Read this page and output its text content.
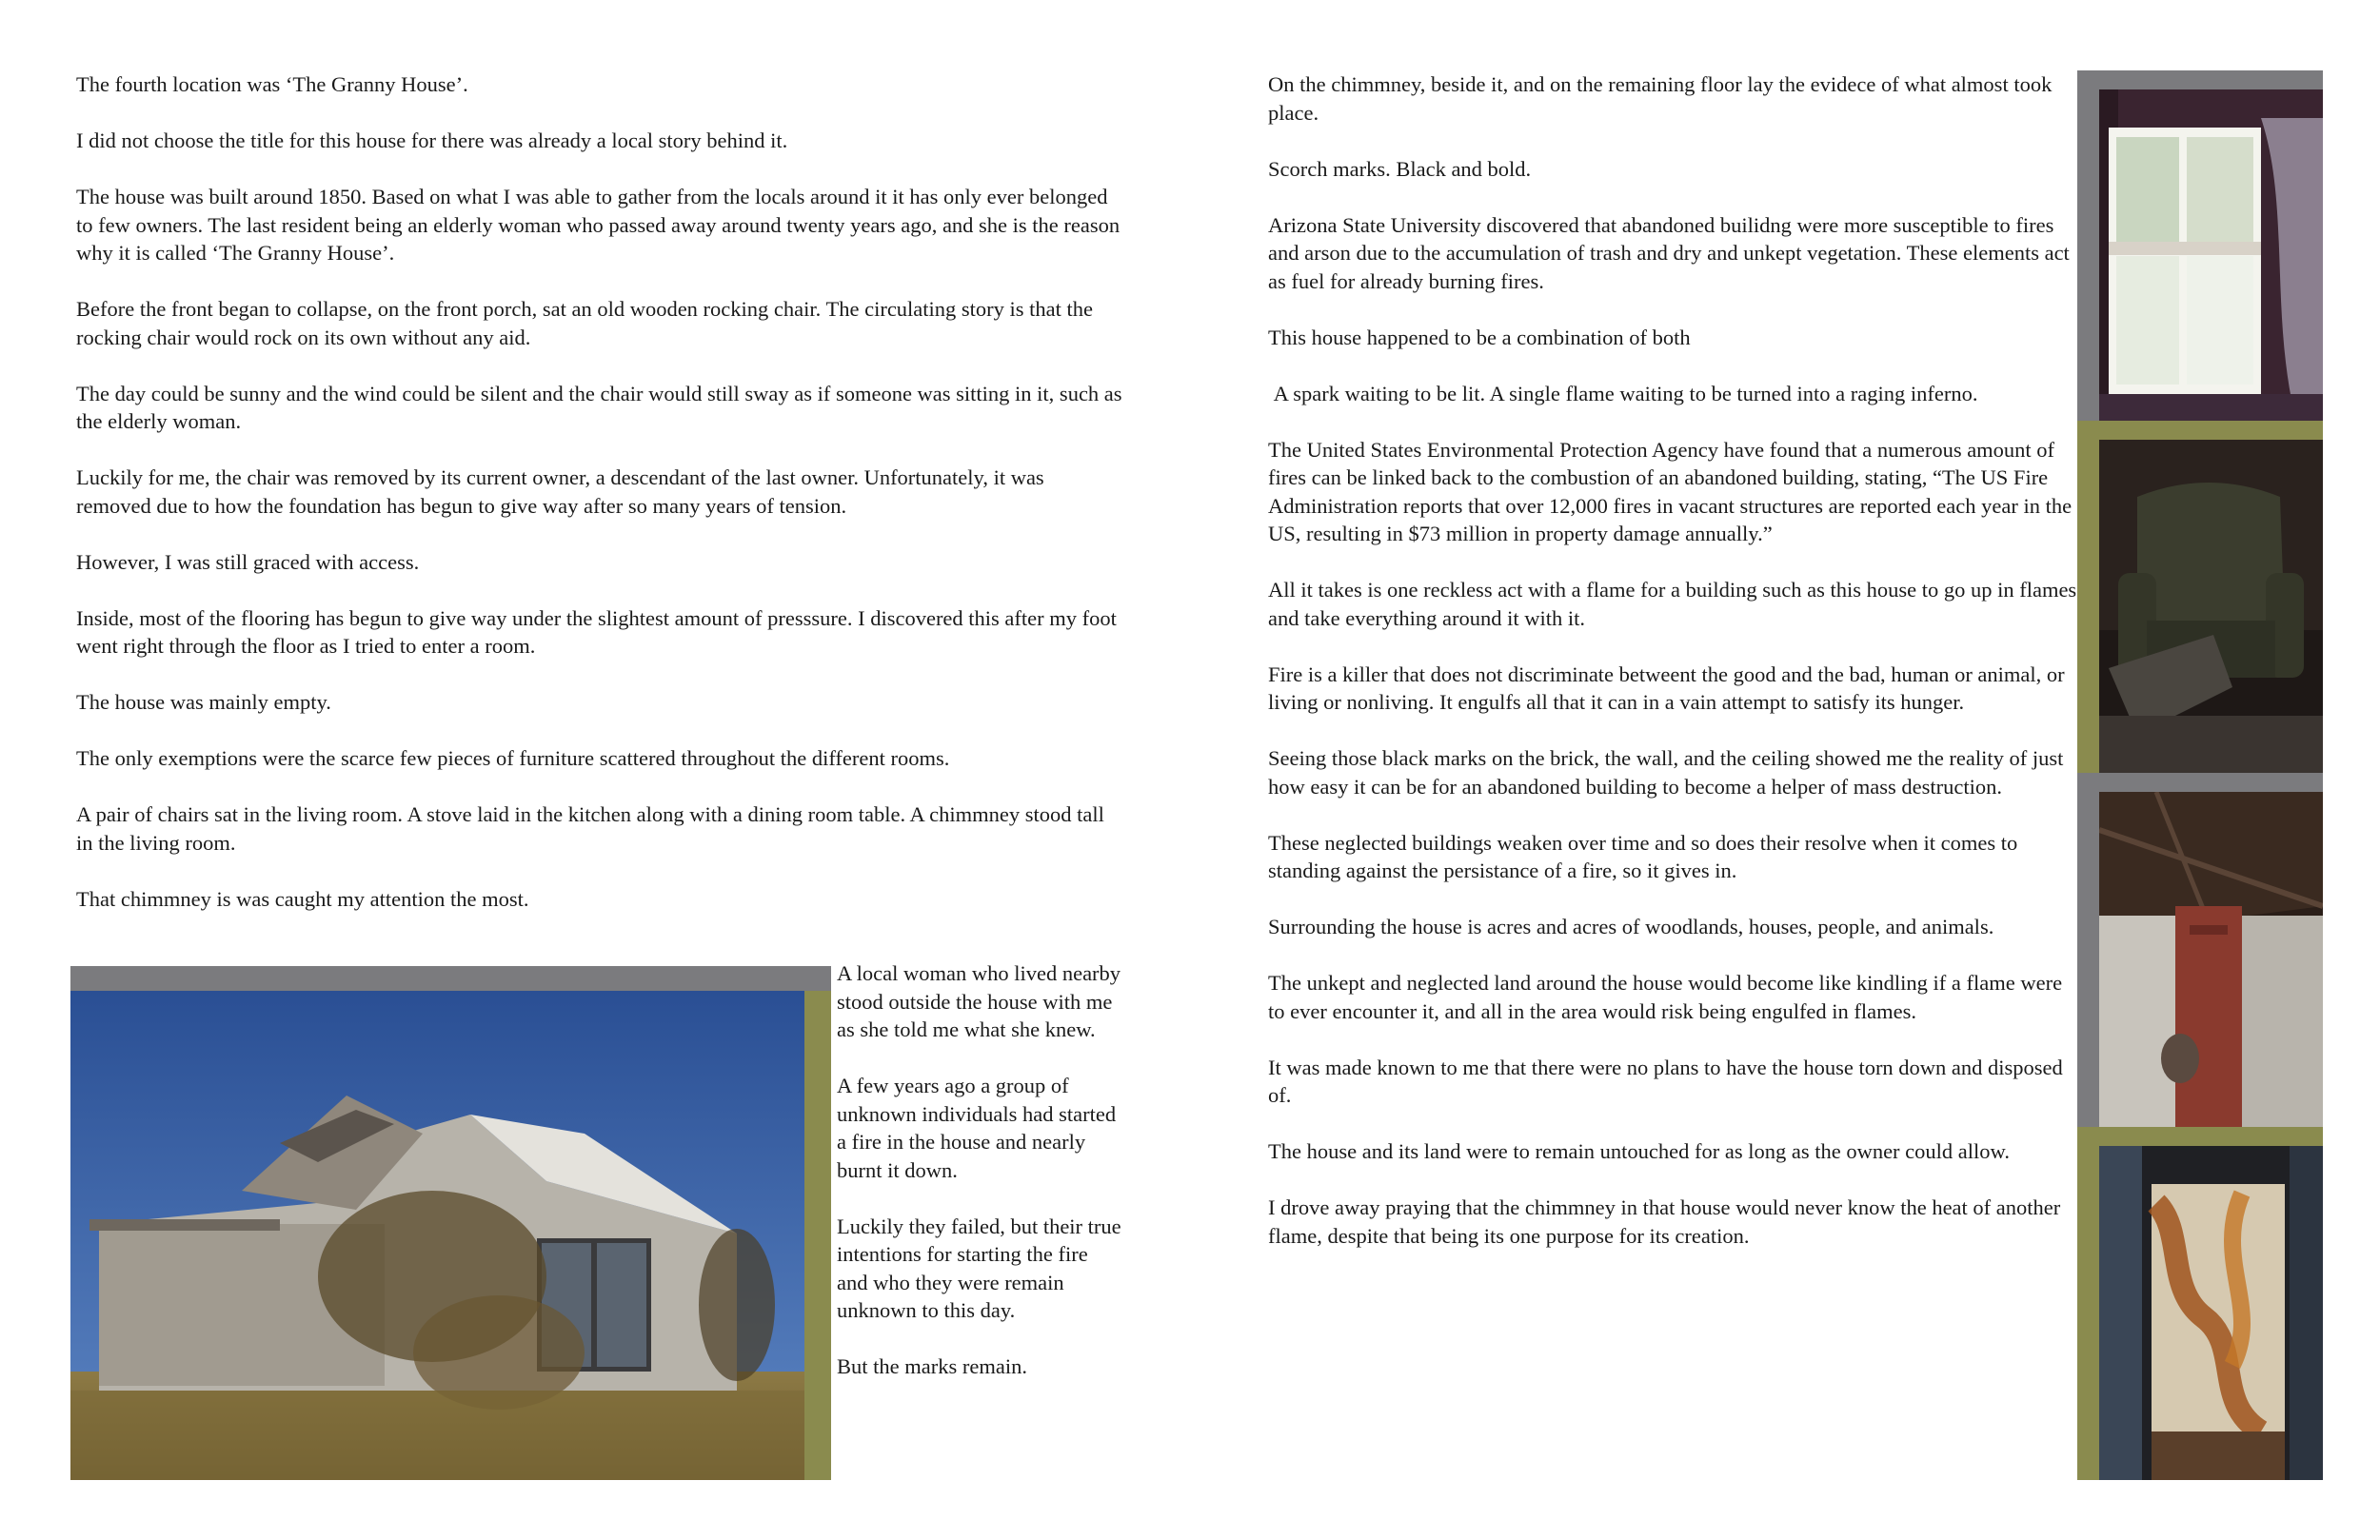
The fourth location was ‘The Granny House’.

I did not choose the title for this house for there was already a local story behind it.

The house was built around 1850. Based on what I was able to gather from the locals around it it has only ever belonged to few owners. The last resident being an elderly woman who passed away around twenty years ago, and she is the reason why it is called ‘The Granny House’.

Before the front began to collapse, on the front porch, sat an old wooden rocking chair. The circulating story is that the rocking chair would rock on its own without any aid.

The day could be sunny and the wind could be silent and the chair would still sway as if someone was sitting in it, such as the elderly woman.

Luckily for me, the chair was removed by its current owner, a descendant of the last owner. Unfortunately, it was removed due to how the foundation has begun to give way after so many years of tension.

However, I was still graced with access.

Inside, most of the flooring has begun to give way under the slightest amount of presssure. I discovered this after my foot went right through the floor as I tried to enter a room.

The house was mainly empty.

The only exemptions were the scarce few pieces of furniture scattered throughout the different rooms.

A pair of chairs sat in the living room. A stove laid in the kitchen along with a dining room table. A chimmney stood tall in the living room.

That chimmney is was caught my attention the most.

A local woman who lived nearby stood outside the house with me as she told me what she knew.

A few years ago a group of unknown individuals had started a fire in the house and nearly burnt it down.

Luckily they failed, but their true intentions for starting the fire and who they were remain unknown to this day.

But the marks remain.

On the chimmney, beside it, and on the remaining floor lay the evidece of what almost took place.

Scorch marks. Black and bold.

Arizona State University discovered that abandoned builidng were more susceptible to fires and arson due to the accumulation of trash and dry and unkept vegetation. These elements act as fuel for already burning fires.

This house happened to be a combination of both

A spark waiting to be lit. A single flame waiting to be turned into a raging inferno.

The United States Environmental Protection Agency have found that a numerous amount of fires can be linked back to the combustion of an abandoned building, stating, “The US Fire Administration reports that over 12,000 fires in vacant structures are reported each year in the US, resulting in $73 million in property damage annually.”

All it takes is one reckless act with a flame for a building such as this house to go up in flames and take everything around it with it.

Fire is a killer that does not discriminate betweent the good and the bad, human or animal, or living or nonliving. It engulfs all that it can in a vain attempt to satisfy its hunger.

Seeing those black marks on the brick, the wall, and the ceiling showed me the reality of just how easy it can be for an abandoned building to become a helper of mass destruction.

These neglected buildings weaken over time and so does their resolve when it comes to standing against the persistance of a fire, so it gives in.

Surrounding the house is acres and acres of woodlands, houses, people, and animals.

The unkept and neglected land around the house would become like kindling if a flame were to ever encounter it, and all in the area would risk being engulfed in flames.

It was made known to me that there were no plans to have the house torn down and disposed of.

The house and its land were to remain untouched for as long as the owner could allow.

I drove away praying that the chimmney in that house would never know the heat of another flame, despite that being its one purpose for its creation.
